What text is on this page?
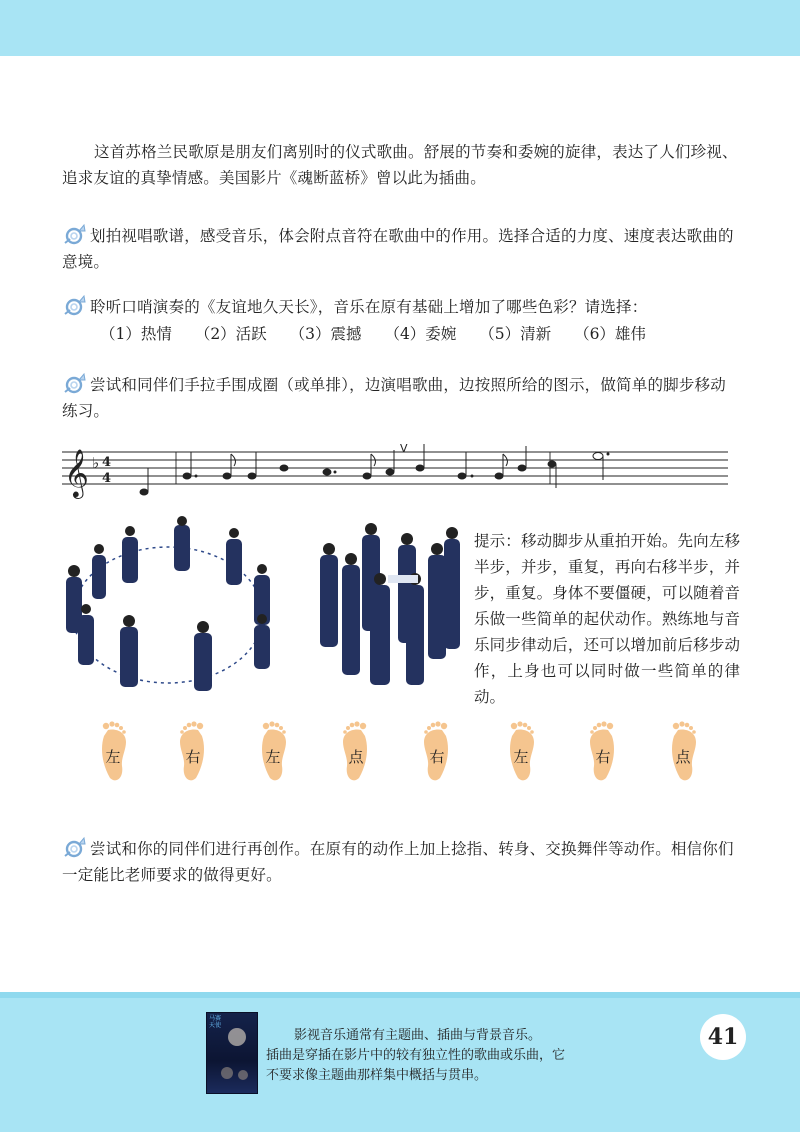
这首苏格兰民歌原是朋友们离别时的仪式歌曲。舒展的节奏和委婉的旋律，表达了人们珍视、追求友谊的真挚情感。美国影片《魂断蓝桥》曾以此为插曲。
划拍视唱歌谱，感受音乐，体会附点音符在歌曲中的作用。选择合适的力度、速度表达歌曲的意境。
聆听口哨演奏的《友谊地久天长》，音乐在原有基础上增加了哪些色彩？请选择：
（1）热情 （2）活跃 （3）震撼 （4）委婉 （5）清新 （6）雄伟
尝试和同伴们手拉手围成圈（或单排），边演唱歌曲，边按照所给的图示，做简单的脚步移动练习。
𝄞 ♭ 4
4
V
提示：移动脚步从重拍开始。先向左移半步，并步，重复，再向右移半步，并步，重复。身体不要僵硬，可以随着音乐做一些简单的起伏动作。熟练地与音乐同步律动后，还可以增加前后移步动作，上身也可以同时做一些简单的律动。
左	右	左	点	右	左	右	点
尝试和你的同伴们进行再创作。在原有的动作上加上捻指、转身、交换舞伴等动作。相信你们一定能比老师要求的做得更好。
马赛天使
影视音乐通常有主题曲、插曲与背景音乐。
插曲是穿插在影片中的较有独立性的歌曲或乐曲，它不要求像主题曲那样集中概括与贯串。
41
